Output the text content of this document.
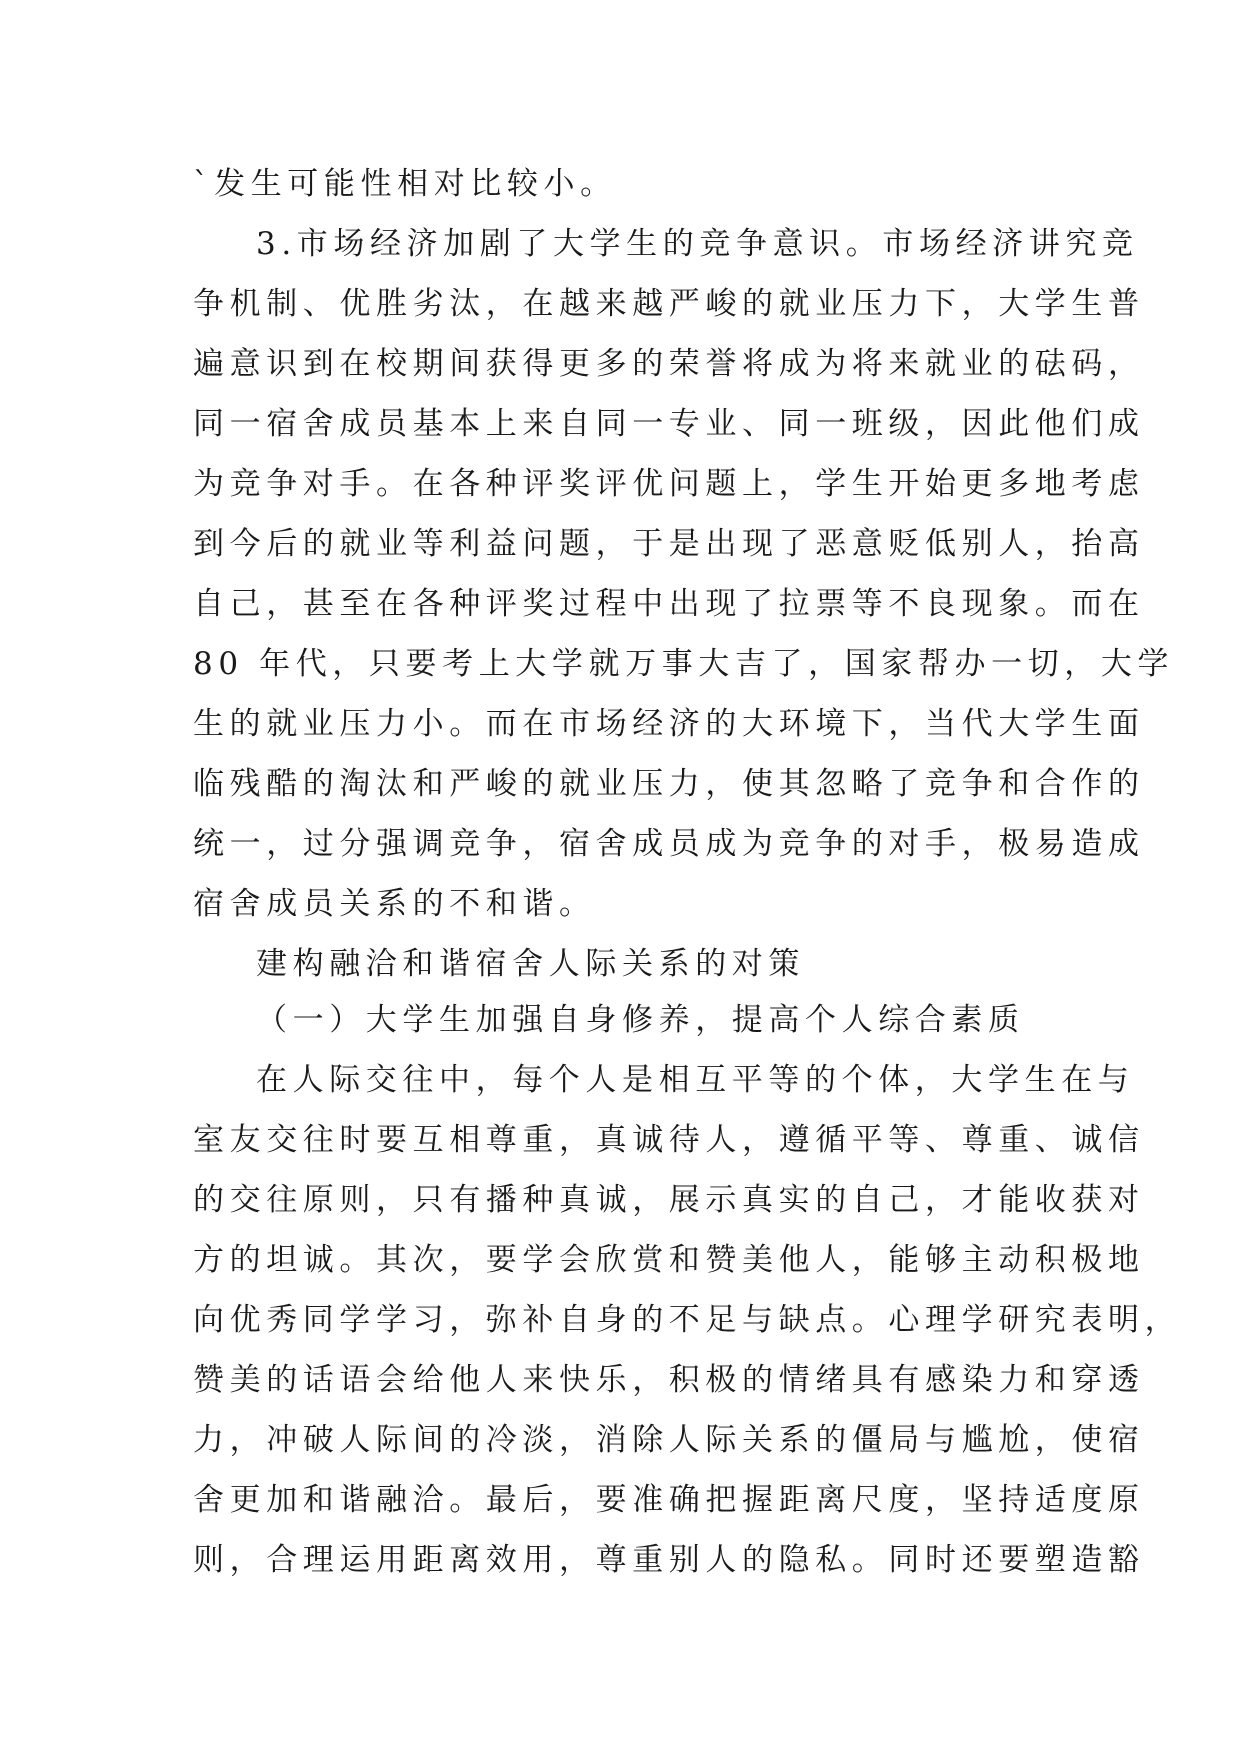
`发生可能性相对比较小。
3.市场经济加剧了大学生的竞争意识。市场经济讲究竞
争机制、优胜劣汰，在越来越严峻的就业压力下，大学生普
遍意识到在校期间获得更多的荣誉将成为将来就业的砝码，
同一宿舍成员基本上来自同一专业、同一班级，因此他们成
为竞争对手。在各种评奖评优问题上，学生开始更多地考虑
到今后的就业等利益问题，于是出现了恶意贬低别人，抬高
自己，甚至在各种评奖过程中出现了拉票等不良现象。而在
80 年代，只要考上大学就万事大吉了，国家帮办一切，大学
生的就业压力小。而在市场经济的大环境下，当代大学生面
临残酷的淘汰和严峻的就业压力，使其忽略了竞争和合作的
统一，过分强调竞争，宿舍成员成为竞争的对手，极易造成
宿舍成员关系的不和谐。
建构融洽和谐宿舍人际关系的对策
（一）大学生加强自身修养，提高个人综合素质
在人际交往中，每个人是相互平等的个体，大学生在与
室友交往时要互相尊重，真诚待人，遵循平等、尊重、诚信
的交往原则，只有播种真诚，展示真实的自己，才能收获对
方的坦诚。其次，要学会欣赏和赞美他人，能够主动积极地
向优秀同学学习，弥补自身的不足与缺点。心理学研究表明，
赞美的话语会给他人来快乐，积极的情绪具有感染力和穿透
力，冲破人际间的冷淡，消除人际关系的僵局与尴尬，使宿
舍更加和谐融洽。最后，要准确把握距离尺度，坚持适度原
则，合理运用距离效用，尊重别人的隐私。同时还要塑造豁
